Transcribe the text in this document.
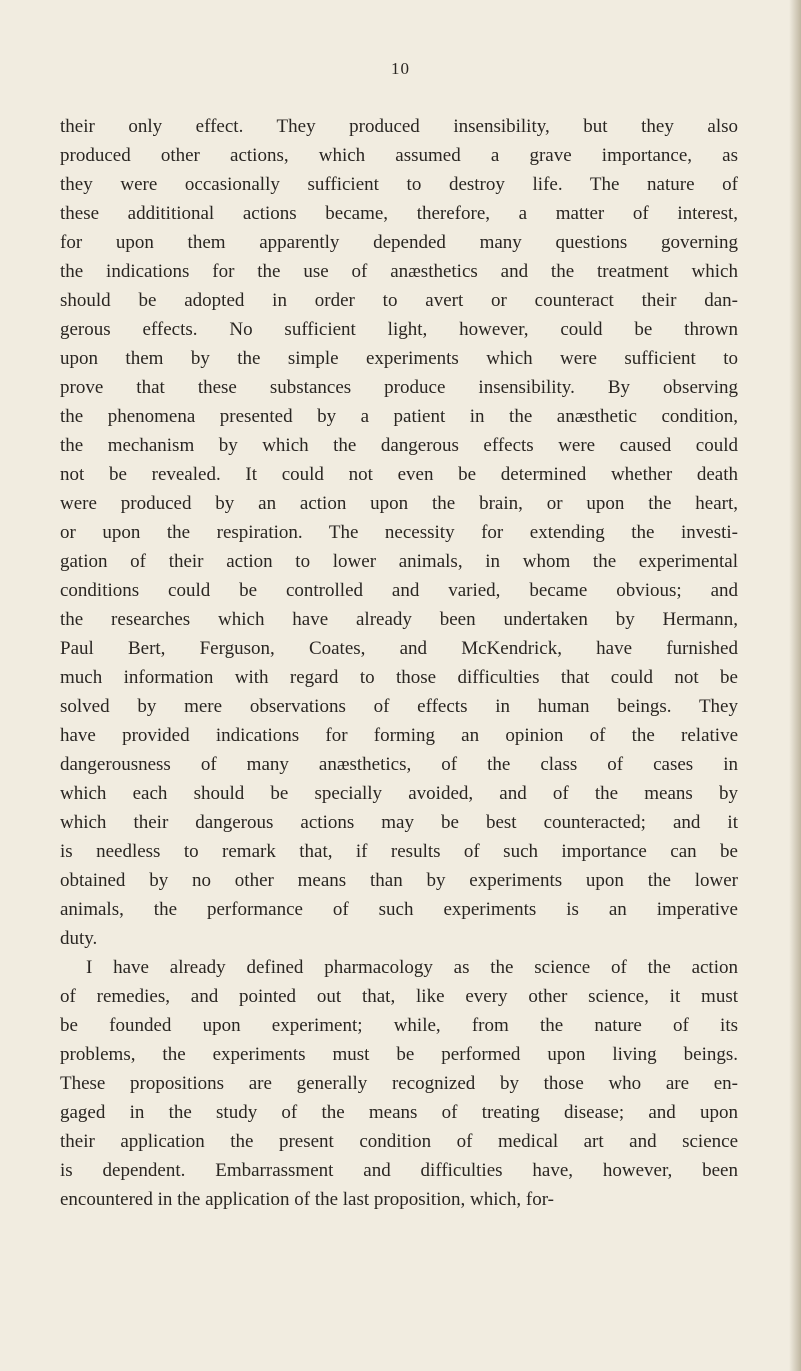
10
their only effect. They produced insensibility, but they also
produced other actions, which assumed a grave importance, as
they were occasionally sufficient to destroy life. The nature of
these addititional actions became, therefore, a matter of interest,
for upon them apparently depended many questions governing
the indications for the use of anæsthetics and the treatment which
should be adopted in order to avert or counteract their dan-
gerous effects. No sufficient light, however, could be thrown
upon them by the simple experiments which were sufficient to
prove that these substances produce insensibility. By observing
the phenomena presented by a patient in the anæsthetic condition,
the mechanism by which the dangerous effects were caused could
not be revealed. It could not even be determined whether death
were produced by an action upon the brain, or upon the heart,
or upon the respiration. The necessity for extending the investi-
gation of their action to lower animals, in whom the experimental
conditions could be controlled and varied, became obvious; and
the researches which have already been undertaken by Hermann,
Paul Bert, Ferguson, Coates, and McKendrick, have furnished
much information with regard to those difficulties that could not be
solved by mere observations of effects in human beings. They
have provided indications for forming an opinion of the relative
dangerousness of many anæsthetics, of the class of cases in
which each should be specially avoided, and of the means by
which their dangerous actions may be best counteracted; and it
is needless to remark that, if results of such importance can be
obtained by no other means than by experiments upon the lower
animals, the performance of such experiments is an imperative
duty.
I have already defined pharmacology as the science of the action
of remedies, and pointed out that, like every other science, it must
be founded upon experiment; while, from the nature of its
problems, the experiments must be performed upon living beings.
These propositions are generally recognized by those who are en-
gaged in the study of the means of treating disease; and upon
their application the present condition of medical art and science
is dependent. Embarrassment and difficulties have, however, been
encountered in the application of the last proposition, which, for-
